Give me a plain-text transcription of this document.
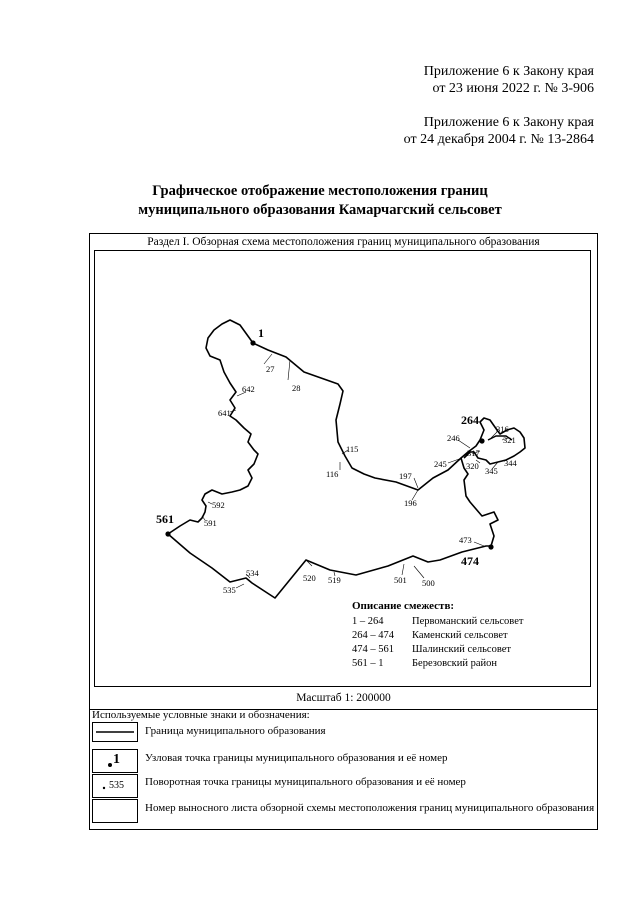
Приложение 6 к Закону края
от 23 июня 2022 г. № 3-906
Приложение 6 к Закону края
от 24 декабря 2004 г. № 13-2864
Графическое отображение местоположения границ
муниципального образования Камарчагский сельсовет
Раздел I. Обзорная схема местоположения границ муниципального образования
1
264
474
561
27
28
642
641
115
116	197
196
246
245
316
321
317
320 345
344
592
591
473
534
535
520 519	501 500
Описание смежеств:
1 – 264	Первоманский сельсовет
264 – 474 Каменский сельсовет
474 – 561 Шалинский сельсовет
561 – 1	Березовский район
Масштаб 1: 200000
Используемые условные знаки и обозначения:
Граница муниципального образования
1 Узловая точка границы муниципального образования и её номер
535 Поворотная точка границы муниципального образования и её номер
Номер выносного листа обзорной схемы местоположения границ муниципального образования
